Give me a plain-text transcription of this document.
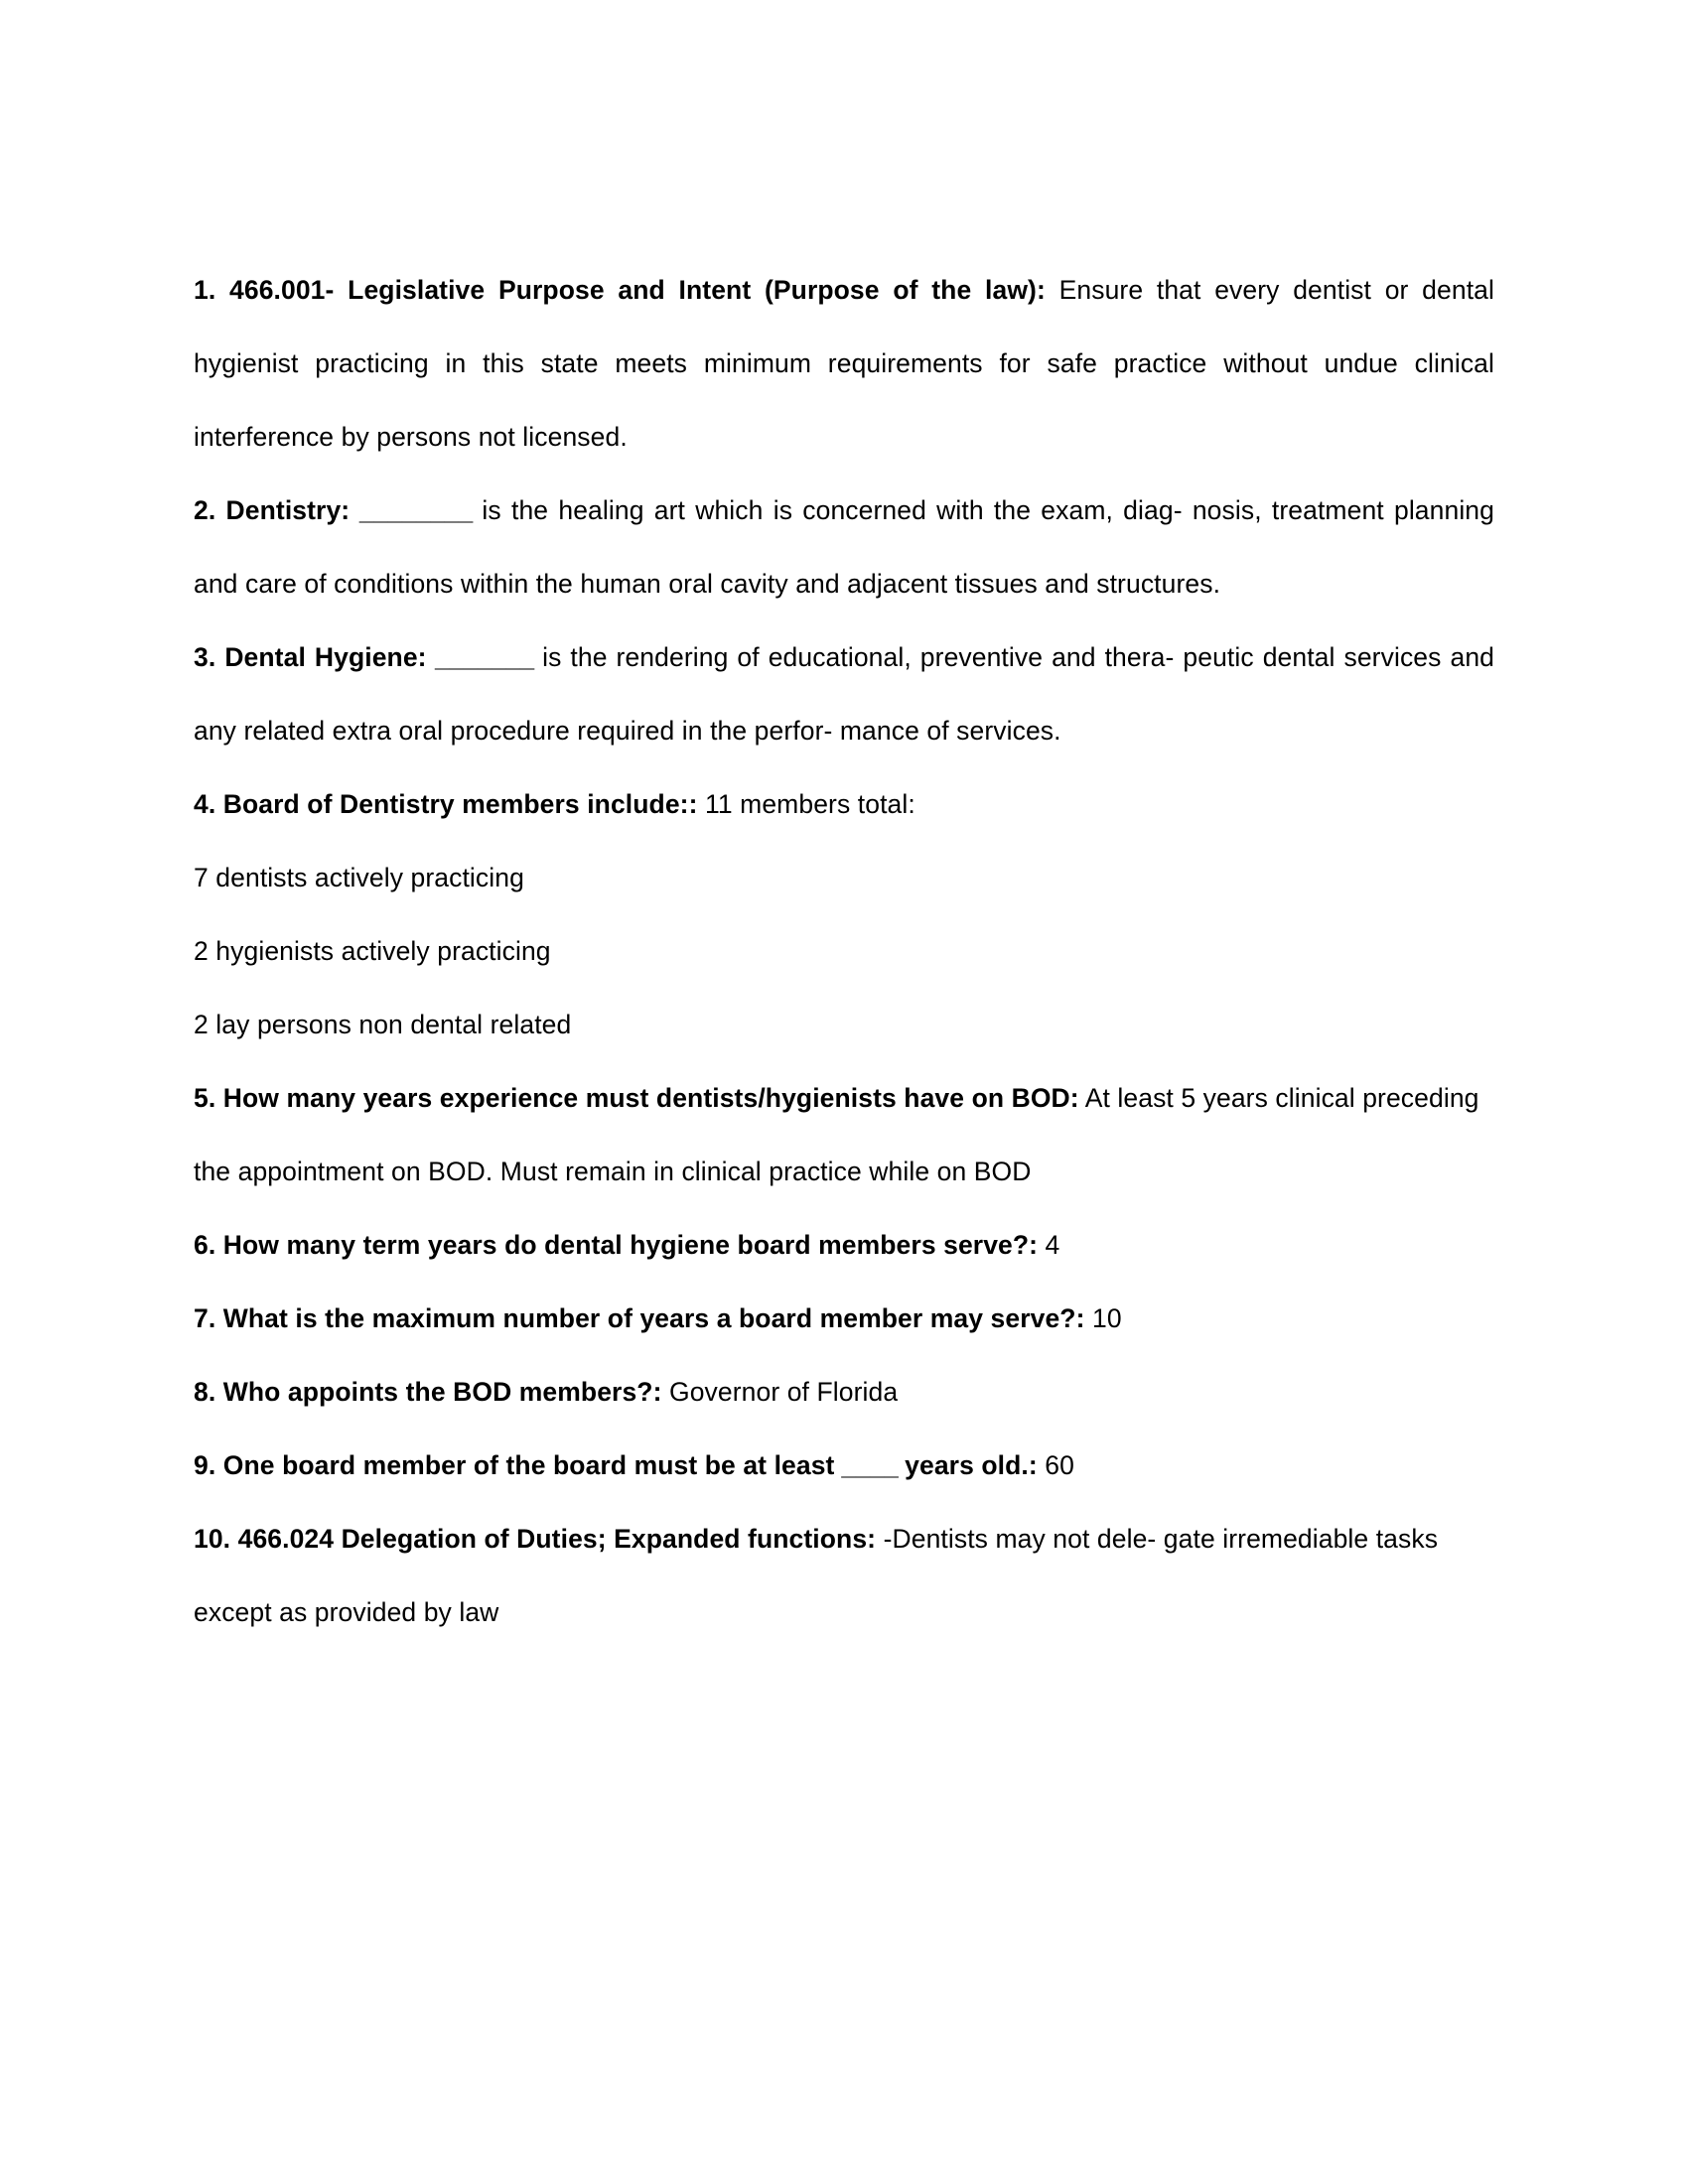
1. 466.001- Legislative Purpose and Intent (Purpose of the law): Ensure that every dentist or dental hygienist practicing in this state meets minimum requirements for safe practice without undue clinical interference by persons not licensed.

2. Dentistry: ________ is the healing art which is concerned with the exam, diag- nosis, treatment planning and care of conditions within the human oral cavity and adjacent tissues and structures.

3. Dental Hygiene: _______ is the rendering of educational, preventive and thera- peutic dental services and any related extra oral procedure required in the perfor- mance of services.

4. Board of Dentistry members include:: 11 members total:

7 dentists actively practicing

2 hygienists actively practicing

2 lay persons non dental related

5. How many years experience must dentists/hygienists have on BOD: At least 5 years clinical preceding the appointment on BOD. Must remain in clinical practice while on BOD

6. How many term years do dental hygiene board members serve?: 4

7. What is the maximum number of years a board member may serve?: 10

8. Who appoints the BOD members?: Governor of Florida

9. One board member of the board must be at least ____ years old.: 60

10. 466.024 Delegation of Duties; Expanded functions: -Dentists may not dele- gate irremediable tasks except as provided by law
